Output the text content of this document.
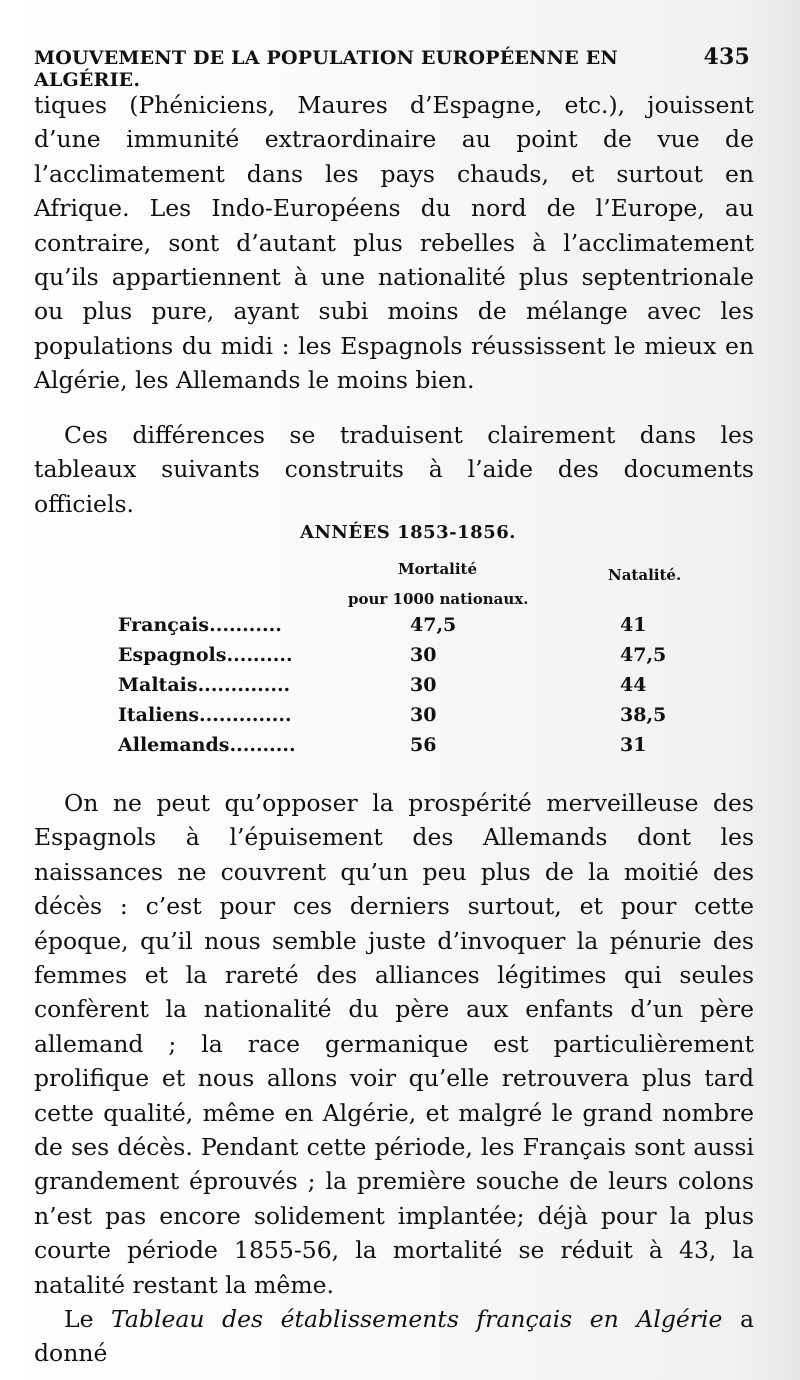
MOUVEMENT DE LA POPULATION EUROPÉENNE EN ALGÉRIE.
435

tiques (Phéniciens, Maures d’Espagne, etc.), jouissent d’une immunité extraordinaire au point de vue de l’acclimatement dans les pays chauds, et surtout en Afrique. Les Indo-Européens du nord de l’Europe, au contraire, sont d’autant plus rebelles à l’acclimatement qu’ils appartiennent à une nationalité plus septentrionale ou plus pure, ayant subi moins de mélange avec les populations du midi : les Espagnols réussissent le mieux en Algérie, les Allemands le moins bien.

Ces différences se traduisent clairement dans les tableaux suivants construits à l’aide des documents officiels.

ANNÉES 1853-1856.
Mortalité	Natalité.
pour 1000 nationaux.
Français...........	47,5	41
Espagnols..........	30	47,5
Maltais..............	30	44
Italiens..............	30	38,5
Allemands..........	56	31

On ne peut qu’opposer la prospérité merveilleuse des Espagnols à l’épuisement des Allemands dont les naissances ne couvrent qu’un peu plus de la moitié des décès : c’est pour ces derniers surtout, et pour cette époque, qu’il nous semble juste d’invoquer la pénurie des femmes et la rareté des alliances légitimes qui seules confèrent la nationalité du père aux enfants d’un père allemand ; la race germanique est particulièrement prolifique et nous allons voir qu’elle retrouvera plus tard cette qualité, même en Algérie, et malgré le grand nombre de ses décès. Pendant cette période, les Français sont aussi grandement éprouvés ; la première souche de leurs colons n’est pas encore solidement implantée; déjà pour la plus courte période 1855-56, la mortalité se réduit à 43, la natalité restant la même.

Le Tableau des établissements français en Algérie a donné
